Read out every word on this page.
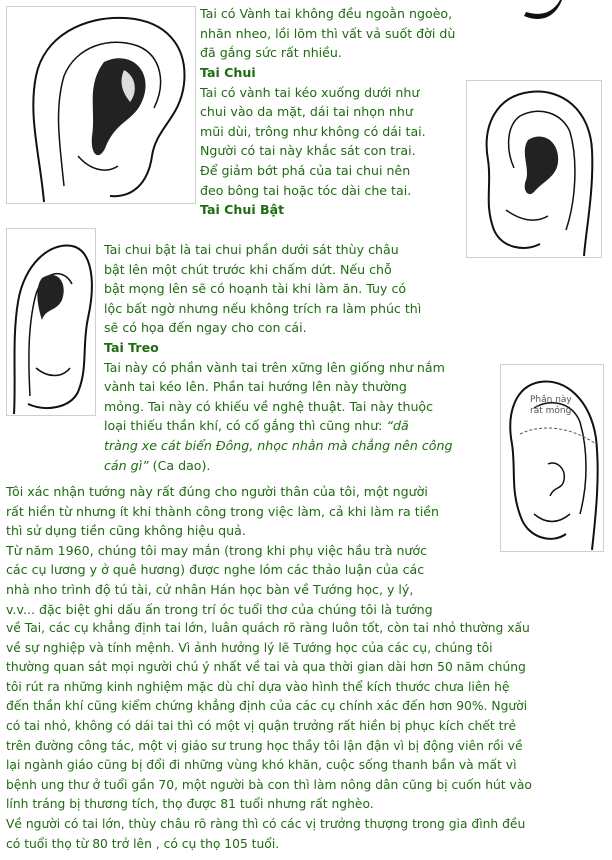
Phần này
rất mỏng
Tai có Vành tai không đều ngoằn ngoèo,
nhăn nheo, lồi lõm thì vất vả suốt đời dù
đã gắng sức rất nhiều.
Tai Chui
Tai có vành tai kéo xuống dưới như
chui vào da mặt, dái tai nhọn như
mũi dùi, trông như không có dái tai.
Người có tai này khắc sát con trai.
Để giảm bớt phá của tai chui nên
đeo bông tai hoặc tóc dài che tai.
Tai Chui Bật
Tai chui bật là tai chui phần dưới sát thùy châu
bật lên một chút trước khi chấm dứt. Nếu chỗ
bật mọng lên sẽ có hoạnh tài khi làm ăn. Tuy có
lộc bất ngờ nhưng nếu không trích ra làm phúc thì
sẽ có họa đến ngay cho con cái.
Tai Treo
Tai này có phần vành tai trên xững lên giống như nắm
vành tai kéo lên. Phần tai hướng lên này thường
mỏng. Tai này có khiếu về nghệ thuật. Tai này thuộc
loại thiếu thần khí, có cố gắng thì cũng như: “dã
tràng xe cát biển Đông, nhọc nhằn mà chẳng nên công
cán gì” (Ca dao).
Tôi xác nhận tướng này rất đúng cho người thân của tôi, một người
rất hiền từ nhưng ít khi thành công trong việc làm, cả khi làm ra tiền
thì sử dụng tiền cũng không hiệu quả.
Từ năm 1960, chúng tôi may mắn (trong khi phụ việc hầu trà nước
các cụ lương y ở quê hương) được nghe lóm các thảo luận của các
nhà nho trình độ tú tài, cử nhân Hán học bàn về Tướng học, y lý,
v.v... đặc biệt ghi dấu ấn trong trí óc tuổi thơ của chúng tôi là tướng
về Tai, các cụ khẳng định tai lớn, luân quách rõ ràng luôn tốt, còn tai nhỏ thường xấu
về sự nghiệp và tính mệnh. Vì ảnh hưởng lý lẽ Tướng học của các cụ, chúng tôi
thường quan sát mọi người chú ý nhất về tai và qua thời gian dài hơn 50 năm chúng
tôi rút ra những kinh nghiệm mặc dù chỉ dựa vào hình thể kích thước chưa liên hệ
đến thần khí cũng kiểm chứng khẳng định của các cụ chính xác đến hơn 90%. Người
có tai nhỏ, không có dái tai thì có một vị quận trưởng rất hiền bị phục kích chết trẻ
trên đường công tác, một vị giáo sư trung học thầy tôi lận đận vì bị động viên rồi về
lại ngành giáo cũng bị đổi đi những vùng khó khăn, cuộc sống thanh bần và mất vì
bệnh ung thư ở tuổi gần 70, một người bà con thì làm nông dân cũng bị cuốn hút vào
lính tráng bị thương tích, thọ được 81 tuổi nhưng rất nghèo.
Về người có tai lớn, thùy châu rõ ràng thì có các vị trưởng thượng trong gia đình đều
có tuổi thọ từ 80 trở lên , có cụ thọ 105 tuổi.
